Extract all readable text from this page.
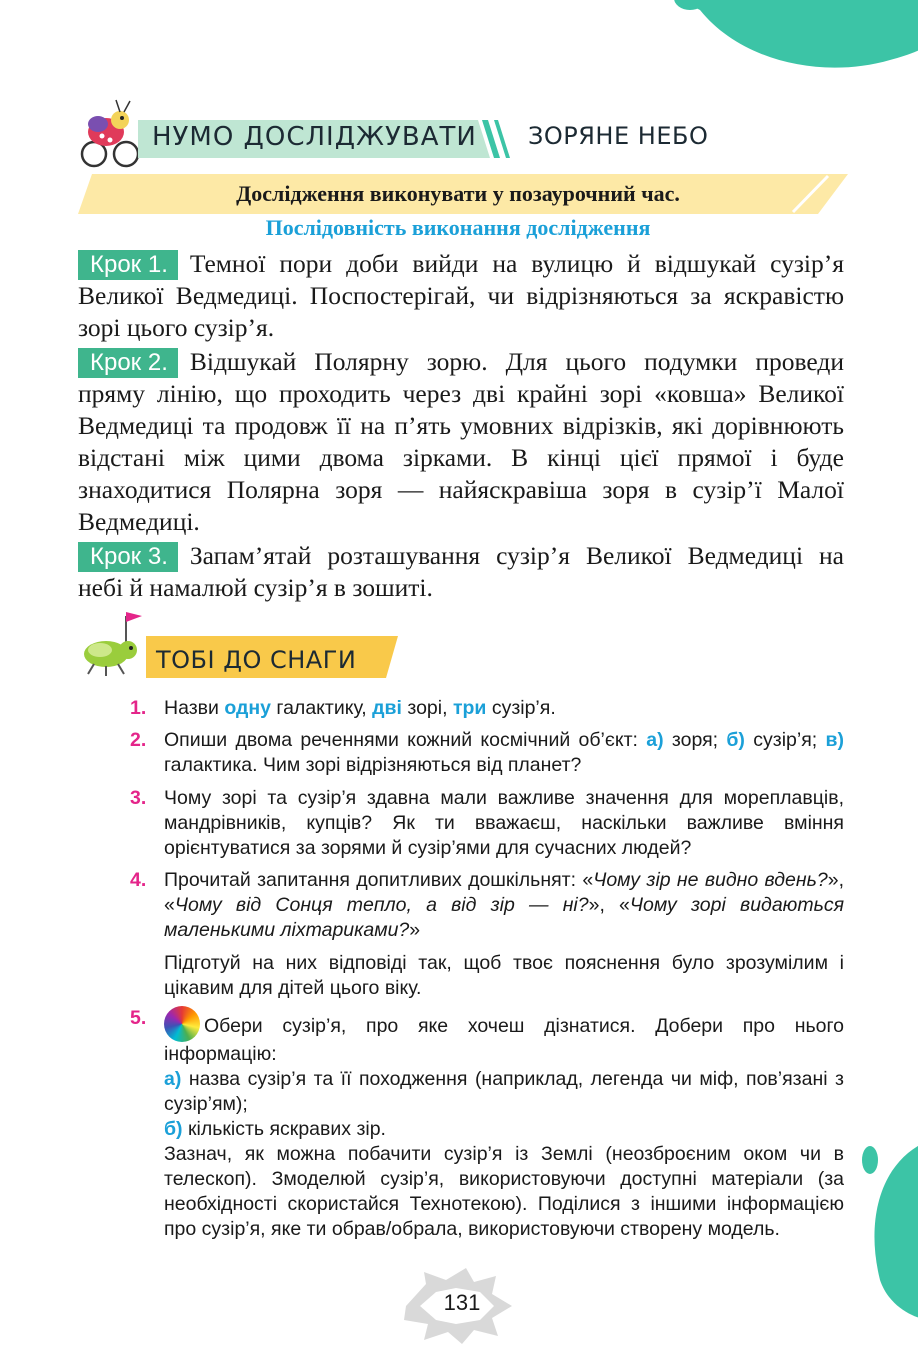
НУМО ДОСЛІДЖУВАТИ ЗОРЯНЕ НЕБО
Дослідження виконувати у позаурочний час.
Послідовність виконання дослідження
Крок 1. Темної пори доби вийди на вулицю й відшукай сузір’я Великої Ведмедиці. Поспостерігай, чи відрізняються за яскравістю зорі цього сузір’я.
Крок 2. Відшукай Полярну зорю. Для цього подумки проведи пряму лінію, що проходить через дві крайні зорі «ковша» Великої Ведмедиці та продовж її на п’ять умовних відрізків, які дорівнюють відстані між цими двома зірками. В кінці цієї прямої і буде знаходитися Полярна зоря — найяскравіша зоря в сузір’ї Малої Ведмедиці.
Крок 3. Запам’ятай розташування сузір’я Великої Ведмедиці на небі й намалюй сузір’я в зошиті.
ТОБІ ДО СНАГИ
1. Назви одну галактику, дві зорі, три сузір’я.
2. Опиши двома реченнями кожний космічний об’єкт: а) зоря; б) сузір’я; в) галактика. Чим зорі відрізняються від планет?
3. Чому зорі та сузір’я здавна мали важливе значення для мореплавців, мандрівників, купців? Як ти вважаєш, наскільки важливе вміння орієнтуватися за зорями й сузір’ями для сучасних людей?
4. Прочитай запитання допитливих дошкільнят: «Чому зір не видно вдень?», «Чому від Сонця тепло, а від зір — ні?», «Чому зорі видаються маленькими ліхтариками?»
Підготуй на них відповіді так, щоб твоє пояснення було зрозумілим і цікавим для дітей цього віку.
5.	Обери сузір’я, про яке хочеш дізнатися. Добери про нього інформацію:
а) назва сузір’я та її походження (наприклад, легенда чи міф, пов’язані з сузір’ям);
б) кількість яскравих зір.
Зазнач, як можна побачити сузір’я із Землі (неозброєним оком чи в телескоп). Змоделюй сузір’я, використовуючи доступні матеріали (за необхідності скористайся Технотекою). Поділися з іншими інформацією про сузір’я, яке ти обрав/обрала, використовуючи створену модель.
131
